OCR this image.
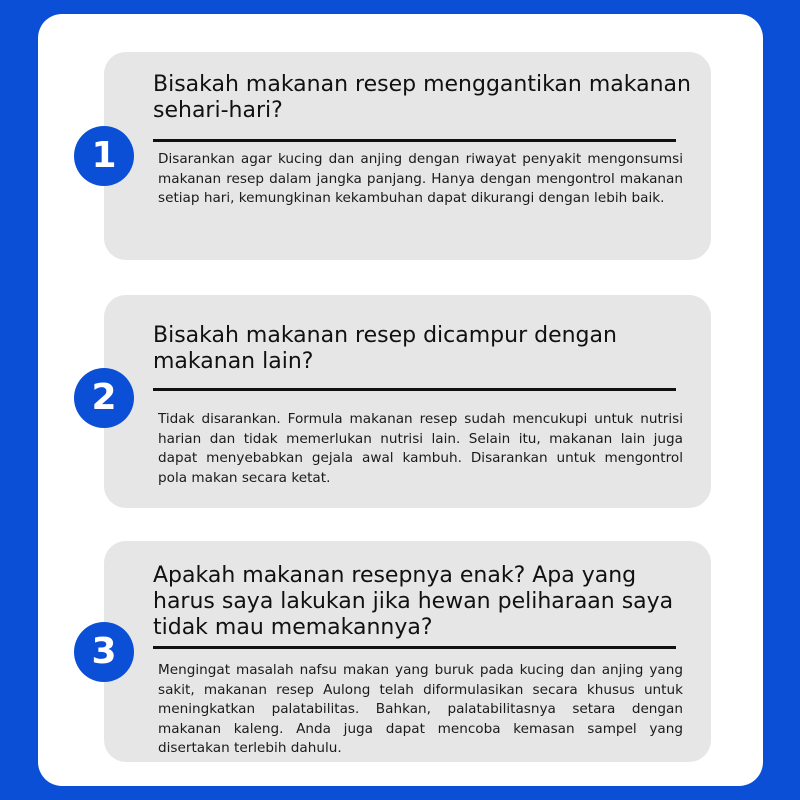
1
Bisakah makanan resep menggantikan makanan sehari-hari?

Disarankan agar kucing dan anjing dengan riwayat penyakit mengonsumsi makanan resep dalam jangka panjang. Hanya dengan mengontrol makanan setiap hari, kemungkinan kekambuhan dapat dikurangi dengan lebih baik.

2
Bisakah makanan resep dicampur dengan makanan lain?

Tidak disarankan. Formula makanan resep sudah mencukupi untuk nutrisi harian dan tidak memerlukan nutrisi lain. Selain itu, makanan lain juga dapat menyebabkan gejala awal kambuh. Disarankan untuk mengontrol pola makan secara ketat.

3
Apakah makanan resepnya enak? Apa yang harus saya lakukan jika hewan peliharaan saya tidak mau memakannya?

Mengingat masalah nafsu makan yang buruk pada kucing dan anjing yang sakit, makanan resep Aulong telah diformulasikan secara khusus untuk meningkatkan palatabilitas. Bahkan, palatabilitasnya setara dengan makanan kaleng. Anda juga dapat mencoba kemasan sampel yang disertakan terlebih dahulu.
